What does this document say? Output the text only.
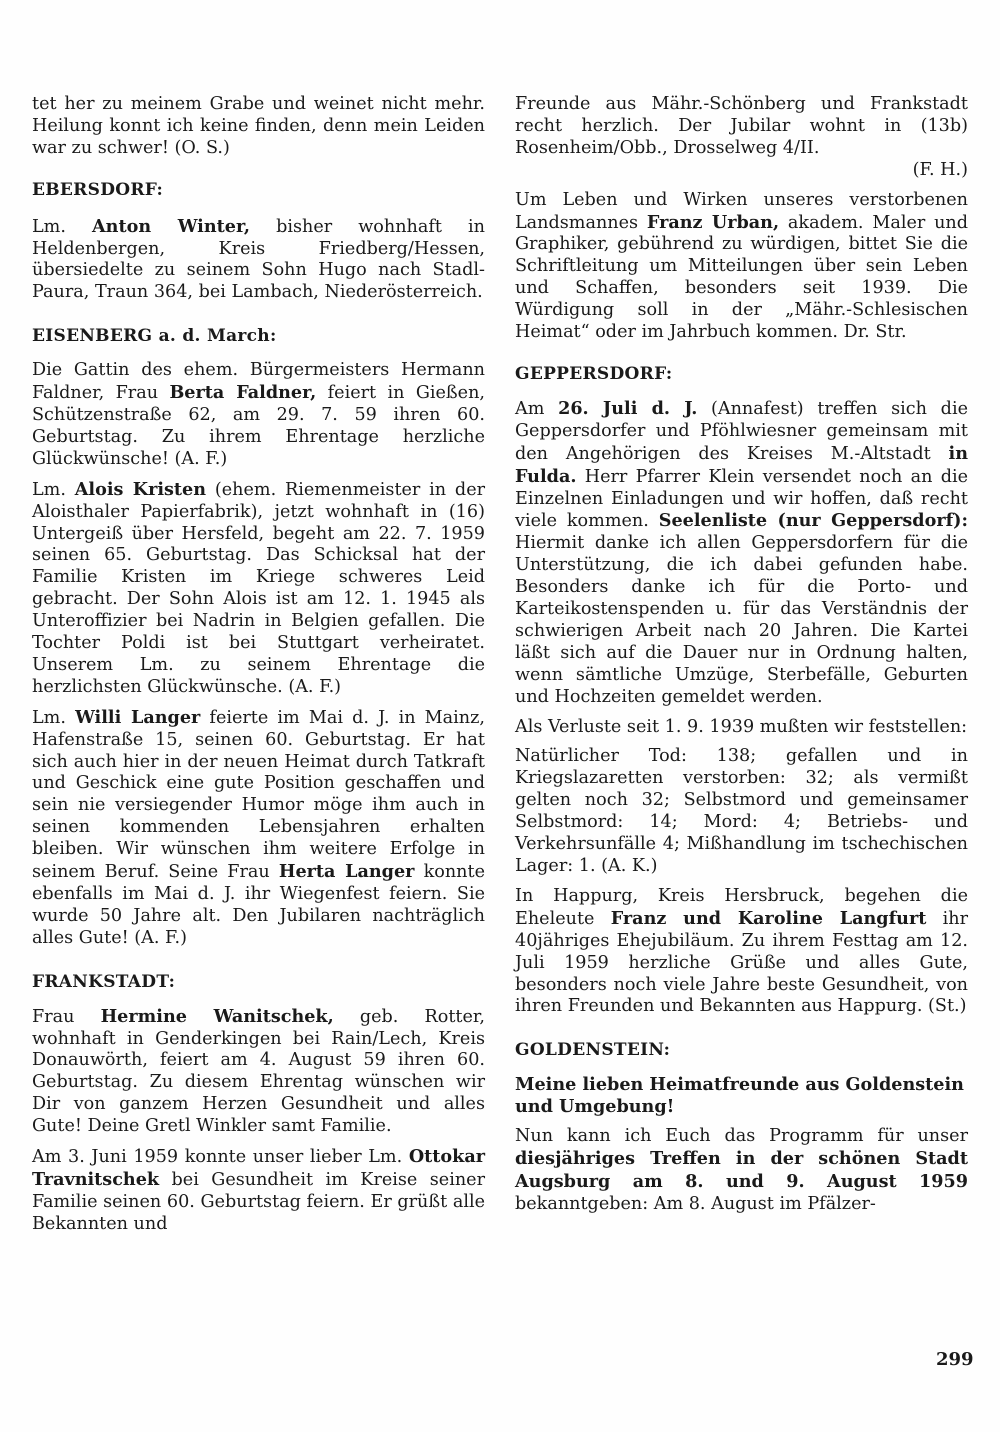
tet her zu meinem Grabe und weinet nicht mehr. Heilung konnt ich keine finden, denn mein Leiden war zu schwer! (O. S.)

EBERSDORF:

Lm. Anton Winter, bisher wohnhaft in Heldenbergen, Kreis Friedberg/Hessen, übersiedelte zu seinem Sohn Hugo nach Stadl-Paura, Traun 364, bei Lambach, Niederösterreich.

EISENBERG a. d. March:

Die Gattin des ehem. Bürgermeisters Hermann Faldner, Frau Berta Faldner, feiert in Gießen, Schützenstraße 62, am 29. 7. 59 ihren 60. Geburtstag. Zu ihrem Ehrentage herzliche Glückwünsche! (A. F.)

Lm. Alois Kristen (ehem. Riemenmeister in der Aloisthaler Papierfabrik), jetzt wohnhaft in (16) Untergeiß über Hersfeld, begeht am 22. 7. 1959 seinen 65. Geburtstag. Das Schicksal hat der Familie Kristen im Kriege schweres Leid gebracht. Der Sohn Alois ist am 12. 1. 1945 als Unteroffizier bei Nadrin in Belgien gefallen. Die Tochter Poldi ist bei Stuttgart verheiratet. Unserem Lm. zu seinem Ehrentage die herzlichsten Glückwünsche. (A. F.)

Lm. Willi Langer feierte im Mai d. J. in Mainz, Hafenstraße 15, seinen 60. Geburtstag. Er hat sich auch hier in der neuen Heimat durch Tatkraft und Geschick eine gute Position geschaffen und sein nie versiegender Humor möge ihm auch in seinen kommenden Lebensjahren erhalten bleiben. Wir wünschen ihm weitere Erfolge in seinem Beruf. Seine Frau Herta Langer konnte ebenfalls im Mai d. J. ihr Wiegenfest feiern. Sie wurde 50 Jahre alt. Den Jubilaren nachträglich alles Gute! (A. F.)

FRANKSTADT:

Frau Hermine Wanitschek, geb. Rotter, wohnhaft in Genderkingen bei Rain/Lech, Kreis Donauwörth, feiert am 4. August 59 ihren 60. Geburtstag. Zu diesem Ehrentag wünschen wir Dir von ganzem Herzen Gesundheit und alles Gute! Deine Gretl Winkler samt Familie.

Am 3. Juni 1959 konnte unser lieber Lm. Ottokar Travnitschek bei Gesundheit im Kreise seiner Familie seinen 60. Geburtstag feiern. Er grüßt alle Bekannten und

Freunde aus Mähr.-Schönberg und Frankstadt recht herzlich. Der Jubilar wohnt in (13b) Rosenheim/Obb., Drosselweg 4/II.

(F. H.)

Um Leben und Wirken unseres verstorbenen Landsmannes Franz Urban, akadem. Maler und Graphiker, gebührend zu würdigen, bittet Sie die Schriftleitung um Mitteilungen über sein Leben und Schaffen, besonders seit 1939. Die Würdigung soll in der „Mähr.-Schlesischen Heimat“ oder im Jahrbuch kommen. Dr. Str.

GEPPERSDORF:

Am 26. Juli d. J. (Annafest) treffen sich die Geppersdorfer und Pföhlwiesner gemeinsam mit den Angehörigen des Kreises M.-Altstadt in Fulda. Herr Pfarrer Klein versendet noch an die Einzelnen Einladungen und wir hoffen, daß recht viele kommen. Seelenliste (nur Geppersdorf): Hiermit danke ich allen Geppersdorfern für die Unterstützung, die ich dabei gefunden habe. Besonders danke ich für die Porto- und Karteikostenspenden u. für das Verständnis der schwierigen Arbeit nach 20 Jahren. Die Kartei läßt sich auf die Dauer nur in Ordnung halten, wenn sämtliche Umzüge, Sterbefälle, Geburten und Hochzeiten gemeldet werden.

Als Verluste seit 1. 9. 1939 mußten wir feststellen:

Natürlicher Tod: 138; gefallen und in Kriegslazaretten verstorben: 32; als vermißt gelten noch 32; Selbstmord und gemeinsamer Selbstmord: 14; Mord: 4; Betriebs- und Verkehrsunfälle 4; Mißhandlung im tschechischen Lager: 1. (A. K.)

In Happurg, Kreis Hersbruck, begehen die Eheleute Franz und Karoline Langfurt ihr 40jähriges Ehejubiläum. Zu ihrem Festtag am 12. Juli 1959 herzliche Grüße und alles Gute, besonders noch viele Jahre beste Gesundheit, von ihren Freunden und Bekannten aus Happurg. (St.)

GOLDENSTEIN:
Meine lieben Heimatfreunde aus Goldenstein und Umgebung!

Nun kann ich Euch das Programm für unser diesjähriges Treffen in der schönen Stadt Augsburg am 8. und 9. August 1959 bekanntgeben: Am 8. August im Pfälzer-

299
